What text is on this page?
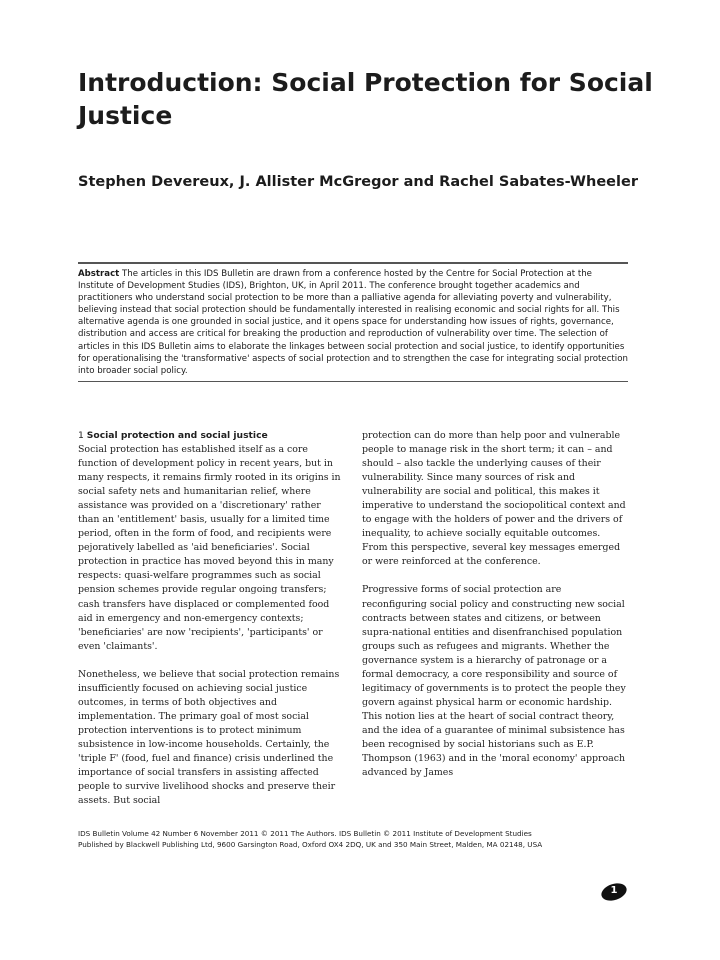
Introduction: Social Protection for Social Justice

Stephen Devereux, J. Allister McGregor and Rachel Sabates-Wheeler

Abstract The articles in this IDS Bulletin are drawn from a conference hosted by the Centre for Social Protection at the Institute of Development Studies (IDS), Brighton, UK, in April 2011. The conference brought together academics and practitioners who understand social protection to be more than a palliative agenda for alleviating poverty and vulnerability, believing instead that social protection should be fundamentally interested in realising economic and social rights for all. This alternative agenda is one grounded in social justice, and it opens space for understanding how issues of rights, governance, distribution and access are critical for breaking the production and reproduction of vulnerability over time. The selection of articles in this IDS Bulletin aims to elaborate the linkages between social protection and social justice, to identify opportunities for operationalising the 'transformative' aspects of social protection and to strengthen the case for integrating social protection into broader social policy.

1 Social protection and social justice

Social protection has established itself as a core function of development policy in recent years, but in many respects, it remains firmly rooted in its origins in social safety nets and humanitarian relief, where assistance was provided on a 'discretionary' rather than an 'entitlement' basis, usually for a limited time period, often in the form of food, and recipients were pejoratively labelled as 'aid beneficiaries'. Social protection in practice has moved beyond this in many respects: quasi-welfare programmes such as social pension schemes provide regular ongoing transfers; cash transfers have displaced or complemented food aid in emergency and non-emergency contexts; 'beneficiaries' are now 'recipients', 'participants' or even 'claimants'.

Nonetheless, we believe that social protection remains insufficiently focused on achieving social justice outcomes, in terms of both objectives and implementation. The primary goal of most social protection interventions is to protect minimum subsistence in low-income households. Certainly, the 'triple F' (food, fuel and finance) crisis underlined the importance of social transfers in assisting affected people to survive livelihood shocks and preserve their assets. But social

protection can do more than help poor and vulnerable people to manage risk in the short term; it can – and should – also tackle the underlying causes of their vulnerability. Since many sources of risk and vulnerability are social and political, this makes it imperative to understand the sociopolitical context and to engage with the holders of power and the drivers of inequality, to achieve socially equitable outcomes. From this perspective, several key messages emerged or were reinforced at the conference.

Progressive forms of social protection are reconfiguring social policy and constructing new social contracts between states and citizens, or between supra-national entities and disenfranchised population groups such as refugees and migrants. Whether the governance system is a hierarchy of patronage or a formal democracy, a core responsibility and source of legitimacy of governments is to protect the people they govern against physical harm or economic hardship. This notion lies at the heart of social contract theory, and the idea of a guarantee of minimal subsistence has been recognised by social historians such as E.P. Thompson (1963) and in the 'moral economy' approach advanced by James

IDS Bulletin Volume 42 Number 6 November 2011 © 2011 The Authors. IDS Bulletin © 2011 Institute of Development Studies
Published by Blackwell Publishing Ltd, 9600 Garsington Road, Oxford OX4 2DQ, UK and 350 Main Street, Malden, MA 02148, USA
1
